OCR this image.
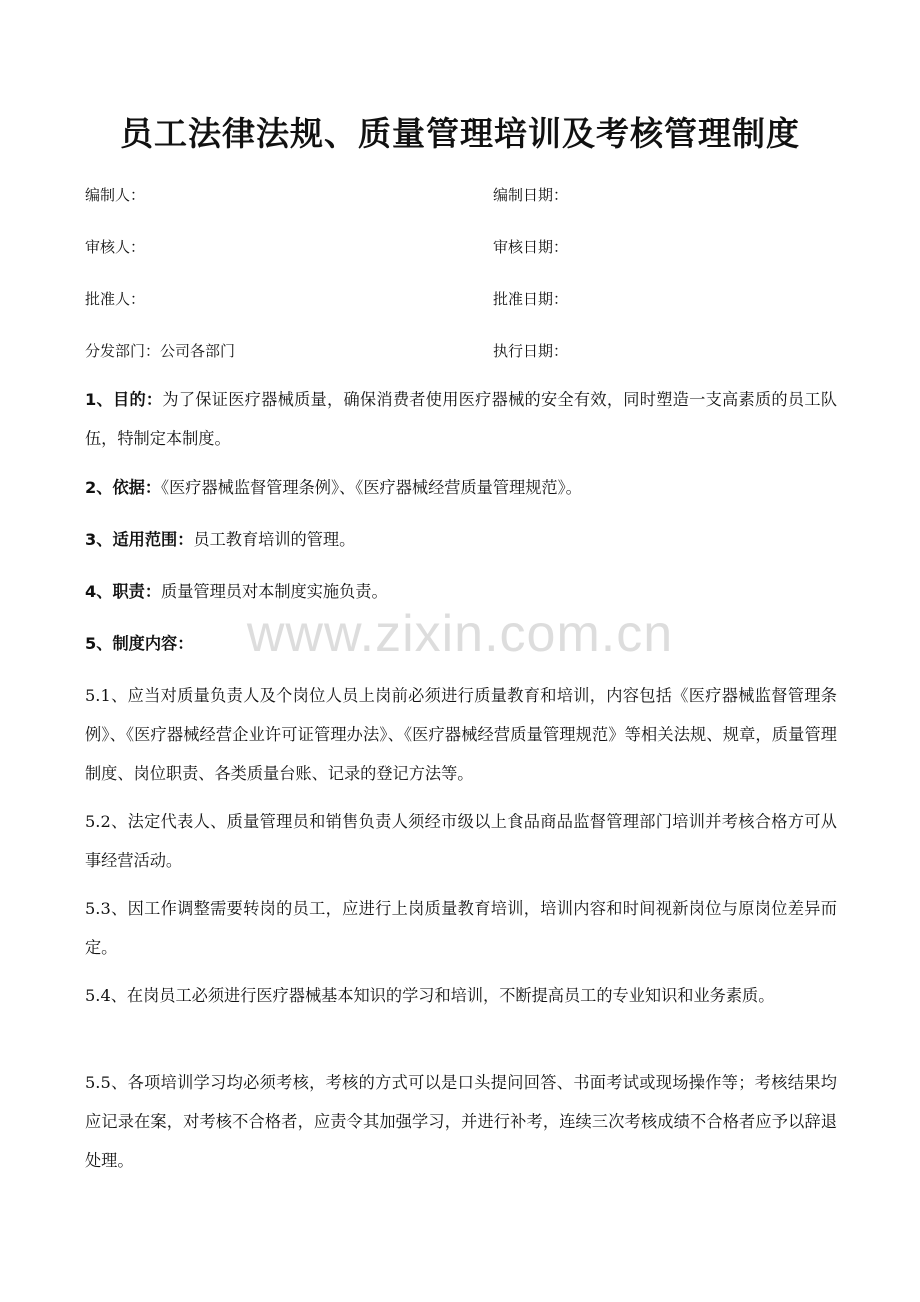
员工法律法规、质量管理培训及考核管理制度
编制人：	编制日期：
审核人：	审核日期：
批准人：	批准日期：
分发部门：公司各部门	执行日期：
1、目的：为了保证医疗器械质量，确保消费者使用医疗器械的安全有效，同时塑造一支高素质的员工队伍，特制定本制度。
2、依据：《医疗器械监督管理条例》、《医疗器械经营质量管理规范》。
3、适用范围：员工教育培训的管理。
4、职责：质量管理员对本制度实施负责。
5、制度内容：
5.1、应当对质量负责人及个岗位人员上岗前必须进行质量教育和培训，内容包括《医疗器械监督管理条例》、《医疗器械经营企业许可证管理办法》、《医疗器械经营质量管理规范》等相关法规、规章，质量管理制度、岗位职责、各类质量台账、记录的登记方法等。
5.2、法定代表人、质量管理员和销售负责人须经市级以上食品商品监督管理部门培训并考核合格方可从事经营活动。
5.3、因工作调整需要转岗的员工，应进行上岗质量教育培训，培训内容和时间视新岗位与原岗位差异而定。
5.4、在岗员工必须进行医疗器械基本知识的学习和培训，不断提高员工的专业知识和业务素质。
5.5、各项培训学习均必须考核，考核的方式可以是口头提问回答、书面考试或现场操作等；考核结果均应记录在案，对考核不合格者，应责令其加强学习，并进行补考，连续三次考核成绩不合格者应予以辞退处理。
www.zixin.com.cn
